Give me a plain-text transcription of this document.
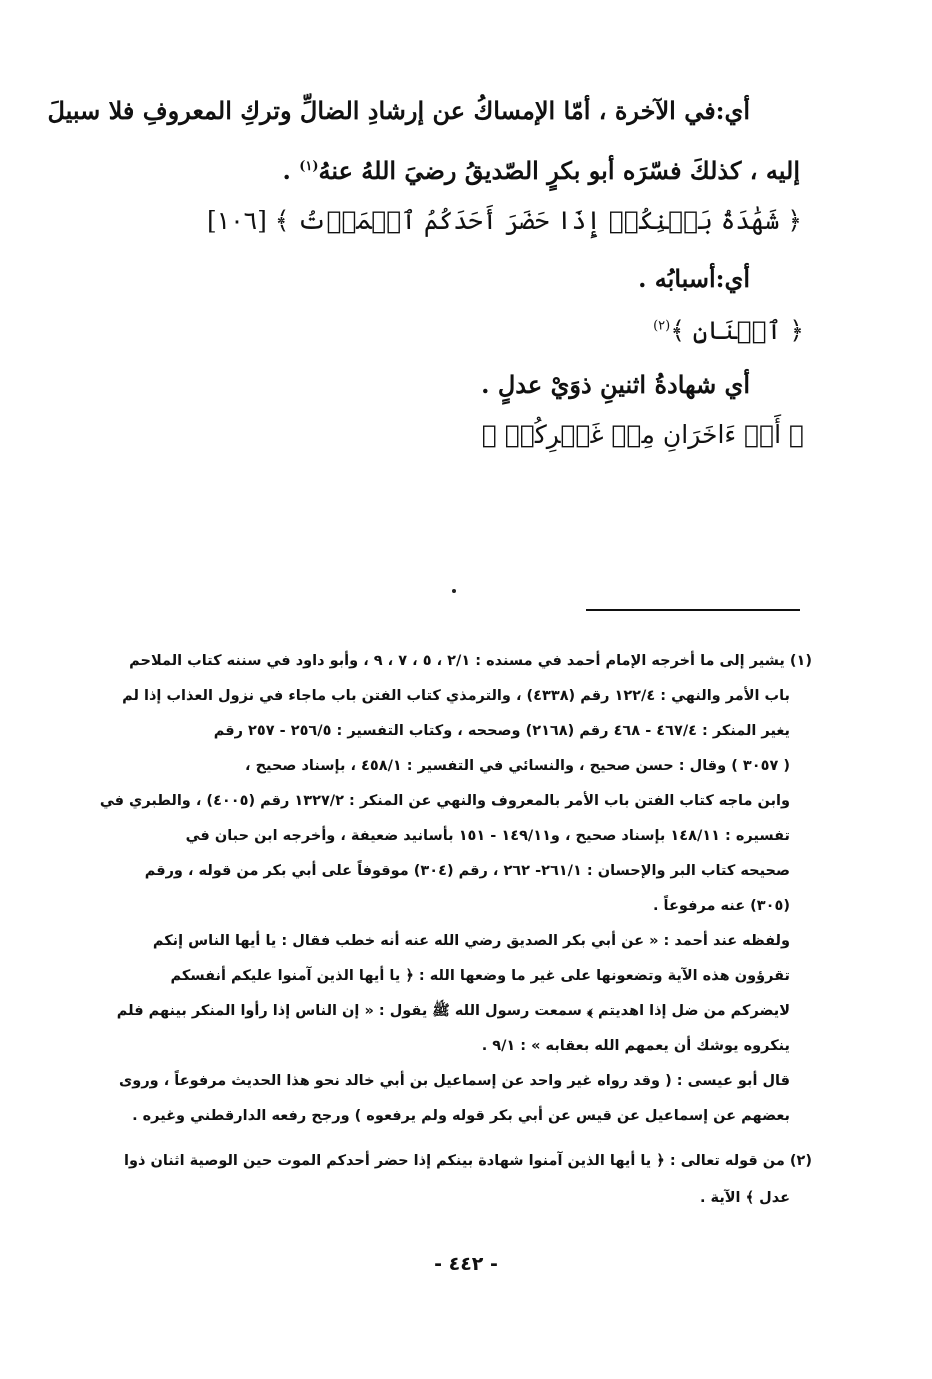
أي:في الآخرة ، أمّا الإمساكُ عن إرشادِ الضالِّ وتركِ المعروفِ فلا سبيلَ
إليه ، كذلكَ فسّرَه أبو بكرٍ الصّديقُ رضيَ اللهُ عنهُ$^{(١)}$ .
﴿ شَهَٰدَةُ بَيۡنِكُمۡ إِذَا حَضَرَ أَحَدَكُمُ ٱلۡمَوۡتُ ﴾ [١٠٦]
أي:أسبابُه .
﴿ ٱثۡنَانِ ﴾$^{(٢)}$
أي شهادةُ اثنينِ ذوَيْ عدلٍ .
﴿ أَوۡ ءَاخَرَانِ مِنۡ غَيۡرِكُمۡ ﴾
(١) يشير إلى ما أخرجه الإمام أحمد في مسنده : ٢/١ ، ٥ ، ٧ ، ٩ ، وأبو داود في سننه كتاب الملاحم
باب الأمر والنهي : ١٢٢/٤ رقم (٤٣٣٨) ، والترمذي كتاب الفتن باب ماجاء في نزول العذاب إذا لم
يغير المنكر : ٤٦٧/٤ - ٤٦٨ رقم (٢١٦٨) وصححه ، وكتاب التفسير : ٢٥٦/٥ - ٢٥٧ رقم
( ٣٠٥٧ ) وقال : حسن صحيح ، والنسائي في التفسير : ٤٥٨/١ ، بإسناد صحيح ،
وابن ماجه كتاب الفتن باب الأمر بالمعروف والنهي عن المنكر : ١٣٢٧/٢ رقم (٤٠٠٥) ، والطبري في
تفسيره : ١٤٨/١١ بإسناد صحيح ، و١٤٩/١١ - ١٥١ بأسانيد ضعيفة ، وأخرجه ابن حبان في
صحيحه كتاب البر والإحسان : ٢٦١/١- ٢٦٢ ، رقم (٣٠٤) موقوفاً على أبي بكر من قوله ، ورقم
(٣٠٥) عنه مرفوعاً .
ولفظه عند أحمد : « عن أبي بكر الصديق رضي الله عنه أنه خطب فقال : يا أيها الناس إنكم
تقرؤون هذه الآية وتضعونها على غير ما وضعها الله : ﴿ يا أيها الذين آمنوا عليكم أنفسكم
لايضركم من ضل إذا اهديتم ﴾ سمعت رسول الله ﷺ يقول : « إن الناس إذا رأوا المنكر بينهم فلم
ينكروه يوشك أن يعمهم الله بعقابه » : ٩/١ .
قال أبو عيسى : ( وقد رواه غير واحد عن إسماعيل بن أبي خالد نحو هذا الحديث مرفوعاً ، وروى
بعضهم عن إسماعيل عن قيس عن أبي بكر قوله ولم يرفعوه ) ورجح رفعه الدارقطني وغيره .
(٢) من قوله تعالى : ﴿ يا أيها الذين آمنوا شهادة بينكم إذا حضر أحدكم الموت حين الوصية اثنان ذوا
عدل ﴾ الآية .
- ٤٤٢ -
